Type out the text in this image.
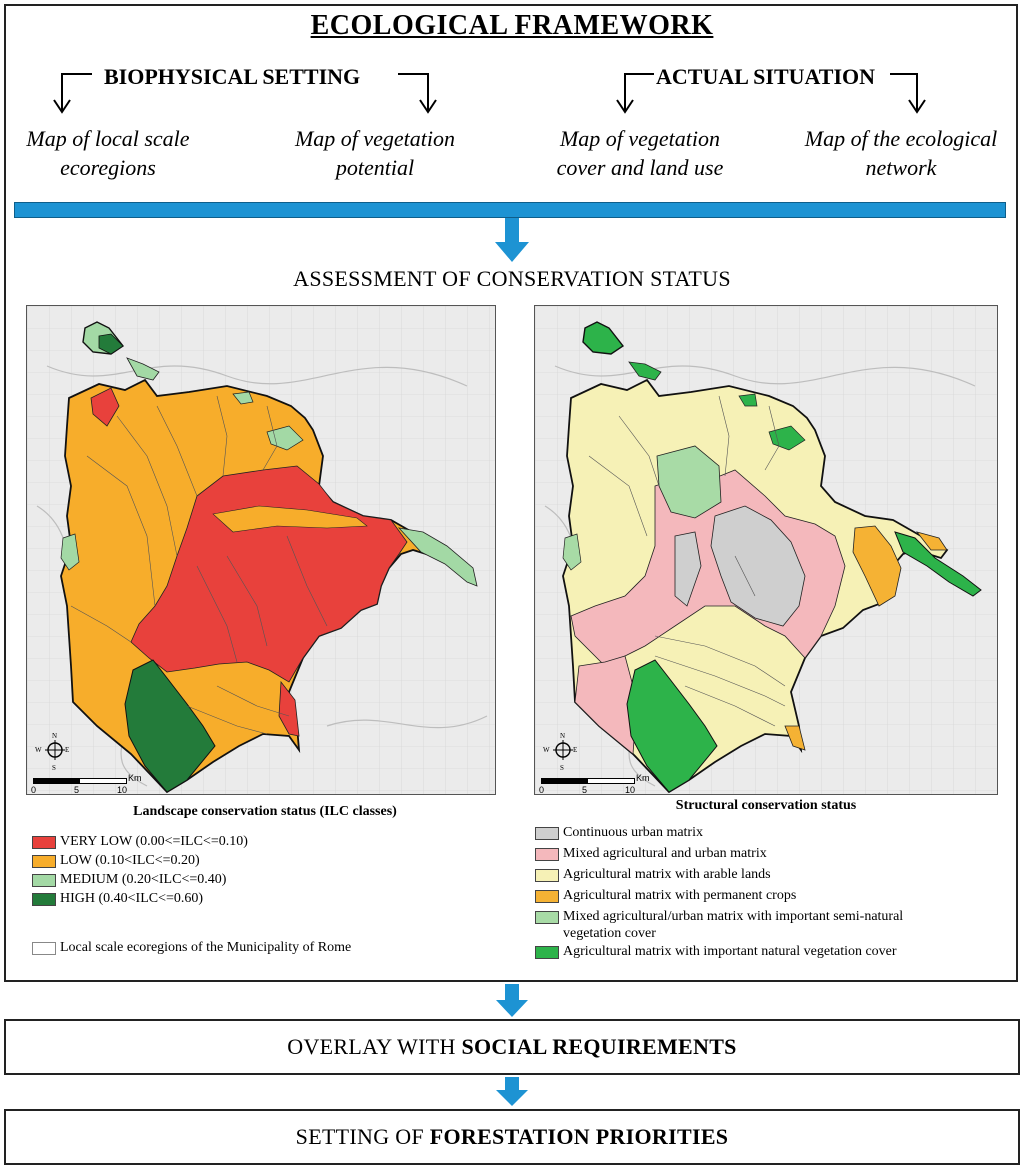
ECOLOGICAL FRAMEWORK
BIOPHYSICAL SETTING	ACTUAL SITUATION
Map of local scale
ecoregions
Map of vegetation
potential
Map of vegetation
cover and land use
Map of the ecological
network
ASSESSMENT OF CONSERVATION STATUS
N
S
E
W
Km
0	5	10
N
S
E
W
Km
0	5	10
Landscape conservation status (ILC classes)
VERY LOW (0.00<=ILC<=0.10)
LOW (0.10<ILC<=0.20)
MEDIUM (0.20<ILC<=0.40)
HIGH (0.40<ILC<=0.60)
Local scale ecoregions of the Municipality of Rome
Structural conservation status
Continuous urban matrix
Mixed agricultural and urban matrix
Agricultural matrix with arable lands
Agricultural matrix with permanent crops
Mixed agricultural/urban matrix with important semi-natural
vegetation cover
Agricultural matrix with important natural vegetation cover
OVERLAY WITH SOCIAL REQUIREMENTS
SETTING OF FORESTATION PRIORITIES
